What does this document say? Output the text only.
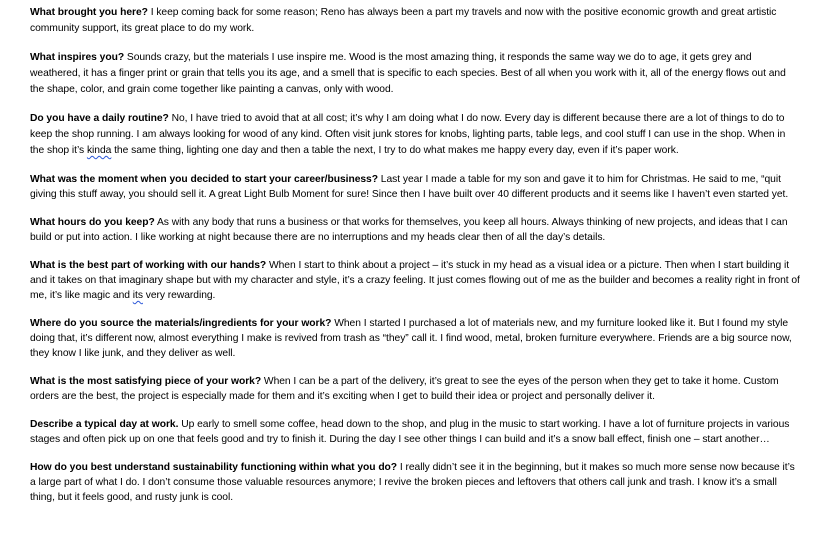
What brought you here? I keep coming back for some reason; Reno has always been a part my travels and now with the positive economic growth and great artistic community support, its great place to do my work.

What inspires you? Sounds crazy, but the materials I use inspire me. Wood is the most amazing thing, it responds the same way we do to age, it gets grey and weathered, it has a finger print or grain that tells you its age, and a smell that is specific to each species. Best of all when you work with it, all of the energy flows out and the shape, color, and grain come together like painting a canvas, only with wood.

Do you have a daily routine? No, I have tried to avoid that at all cost; it’s why I am doing what I do now. Every day is different because there are a lot of things to do to keep the shop running. I am always looking for wood of any kind. Often visit junk stores for knobs, lighting parts, table legs, and cool stuff I can use in the shop. When in the shop it’s kinda the same thing, lighting one day and then a table the next, I try to do what makes me happy every day, even if it’s paper work.

What was the moment when you decided to start your career/business? Last year I made a table for my son and gave it to him for Christmas. He said to me, “quit giving this stuff away, you should sell it. A great Light Bulb Moment for sure! Since then I have built over 40 different products and it seems like I haven’t even started yet.

What hours do you keep? As with any body that runs a business or that works for themselves, you keep all hours. Always thinking of new projects, and ideas that I can build or put into action. I like working at night because there are no interruptions and my heads clear then of all the day’s details.

What is the best part of working with our hands? When I start to think about a project – it’s stuck in my head as a visual idea or a picture. Then when I start building it and it takes on that imaginary shape but with my character and style, it’s a crazy feeling. It just comes flowing out of me as the builder and becomes a reality right in front of me, it’s like magic and its very rewarding.

Where do you source the materials/ingredients for your work? When I started I purchased a lot of materials new, and my furniture looked like it. But I found my style doing that, it’s different now, almost everything I make is revived from trash as “they” call it. I find wood, metal, broken furniture everywhere. Friends are a big source now, they know I like junk, and they deliver as well.

What is the most satisfying piece of your work? When I can be a part of the delivery, it’s great to see the eyes of the person when they get to take it home. Custom orders are the best, the project is especially made for them and it’s exciting when I get to build their idea or project and personally deliver it.

Describe a typical day at work. Up early to smell some coffee, head down to the shop, and plug in the music to start working. I have a lot of furniture projects in various stages and often pick up on one that feels good and try to finish it. During the day I see other things I can build and it’s a snow ball effect, finish one – start another…

How do you best understand sustainability functioning within what you do? I really didn’t see it in the beginning, but it makes so much more sense now because it’s a large part of what I do. I don’t consume those valuable resources anymore; I revive the broken pieces and leftovers that others call junk and trash. I know it’s a small thing, but it feels good, and rusty junk is cool.
